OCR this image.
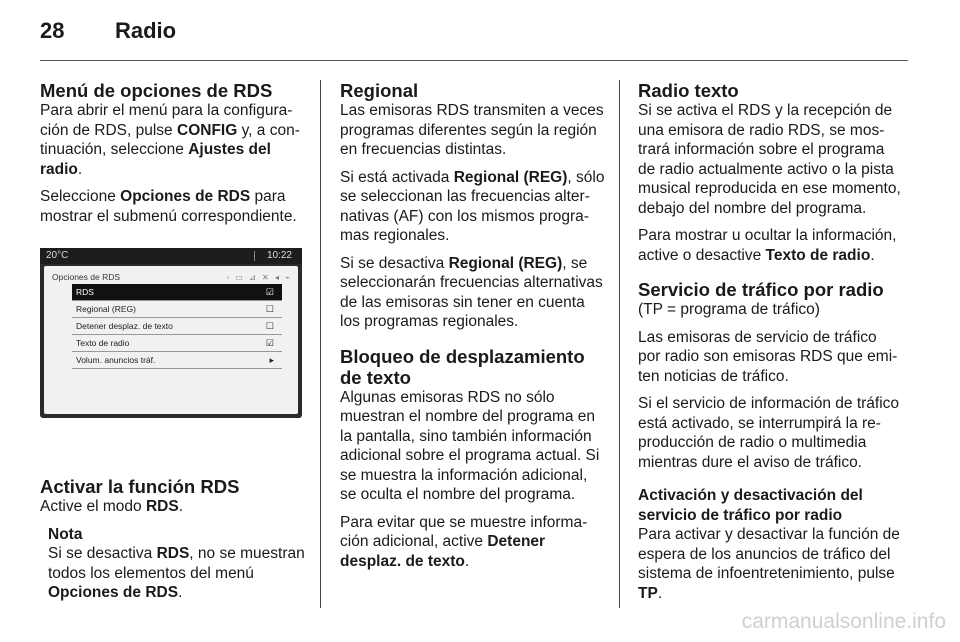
28 Radio
Menú de opciones de RDS

Para abrir el menú para la configuración de RDS, pulse CONFIG y, a continuación, seleccione Ajustes del radio.

Seleccione Opciones de RDS para mostrar el submenú correspondiente.

20°C	10:22
Opciones de RDS	◦ ▭ ⊿ ✕ ◂ ⌁
RDS	☑
Regional (REG)	☐
Detener desplaz. de texto	☐
Texto de radio	☑
Volum. anuncios tráf.	▸
Activar la función RDS

Active el modo RDS.

Nota
Si se desactiva RDS, no se muestran todos los elementos del menú Opciones de RDS.
Regional

Las emisoras RDS transmiten a veces programas diferentes según la región en frecuencias distintas.

Si está activada Regional (REG), sólo se seleccionan las frecuencias alternativas (AF) con los mismos programas regionales.

Si se desactiva Regional (REG), se seleccionarán frecuencias alternativas de las emisoras sin tener en cuenta los programas regionales.

Bloqueo de desplazamiento de texto

Algunas emisoras RDS no sólo muestran el nombre del programa en la pantalla, sino también información adicional sobre el programa actual. Si se muestra la información adicional, se oculta el nombre del programa.

Para evitar que se muestre información adicional, active Detener desplaz. de texto.

Radio texto

Si se activa el RDS y la recepción de una emisora de radio RDS, se mostrará información sobre el programa de radio actualmente activo o la pista musical reproducida en ese momento, debajo del nombre del programa.

Para mostrar u ocultar la información, active o desactive Texto de radio.

Servicio de tráfico por radio

(TP = programa de tráfico)

Las emisoras de servicio de tráfico por radio son emisoras RDS que emiten noticias de tráfico.

Si el servicio de información de tráfico está activado, se interrumpirá la reproducción de radio o multimedia mientras dure el aviso de tráfico.

Activación y desactivación del servicio de tráfico por radio

Para activar y desactivar la función de espera de los anuncios de tráfico del sistema de infoentretenimiento, pulse TP.

carmanualsonline.info
